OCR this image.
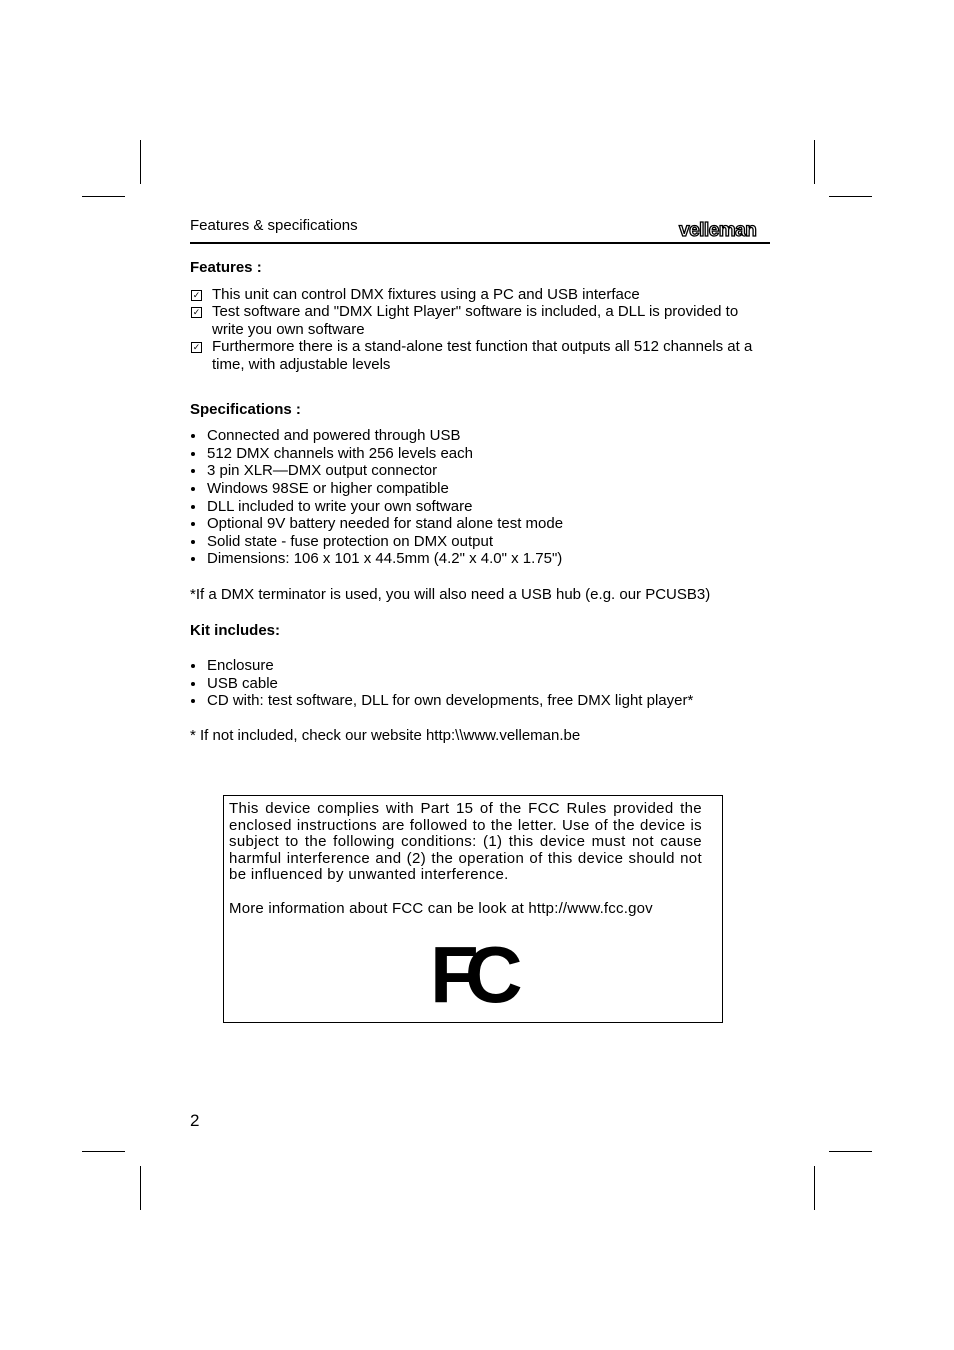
Features & specifications	velleman
Features :
✓ This unit can control DMX fixtures using a PC and USB interface
✓ Test software and "DMX Light Player" software is included, a DLL is provided to write you own software
✓ Furthermore there is a stand-alone test function that outputs all 512 channels at a time, with adjustable levels
Specifications :
Connected and powered through USB
512 DMX channels with 256 levels each
3 pin XLR—DMX output connector
Windows 98SE or higher compatible
DLL included to write your own software
Optional 9V battery needed for stand alone test mode
Solid state - fuse protection on DMX output
Dimensions: 106 x 101 x 44.5mm (4.2" x 4.0" x 1.75")
*If a DMX terminator is used, you will also need a USB hub (e.g. our PCUSB3)
Kit includes:
Enclosure
USB cable
CD with: test software, DLL for own developments, free DMX light player*
* If not included, check our website http:\\www.velleman.be
This device complies with Part 15 of the FCC Rules provided the enclosed instructions are followed to the letter. Use of the device is subject to the following conditions: (1) this device must not cause harmful interference and (2) the operation of this device should not be influenced by unwanted interference.
More information about FCC can be look at http://www.fcc.gov
FC
2
